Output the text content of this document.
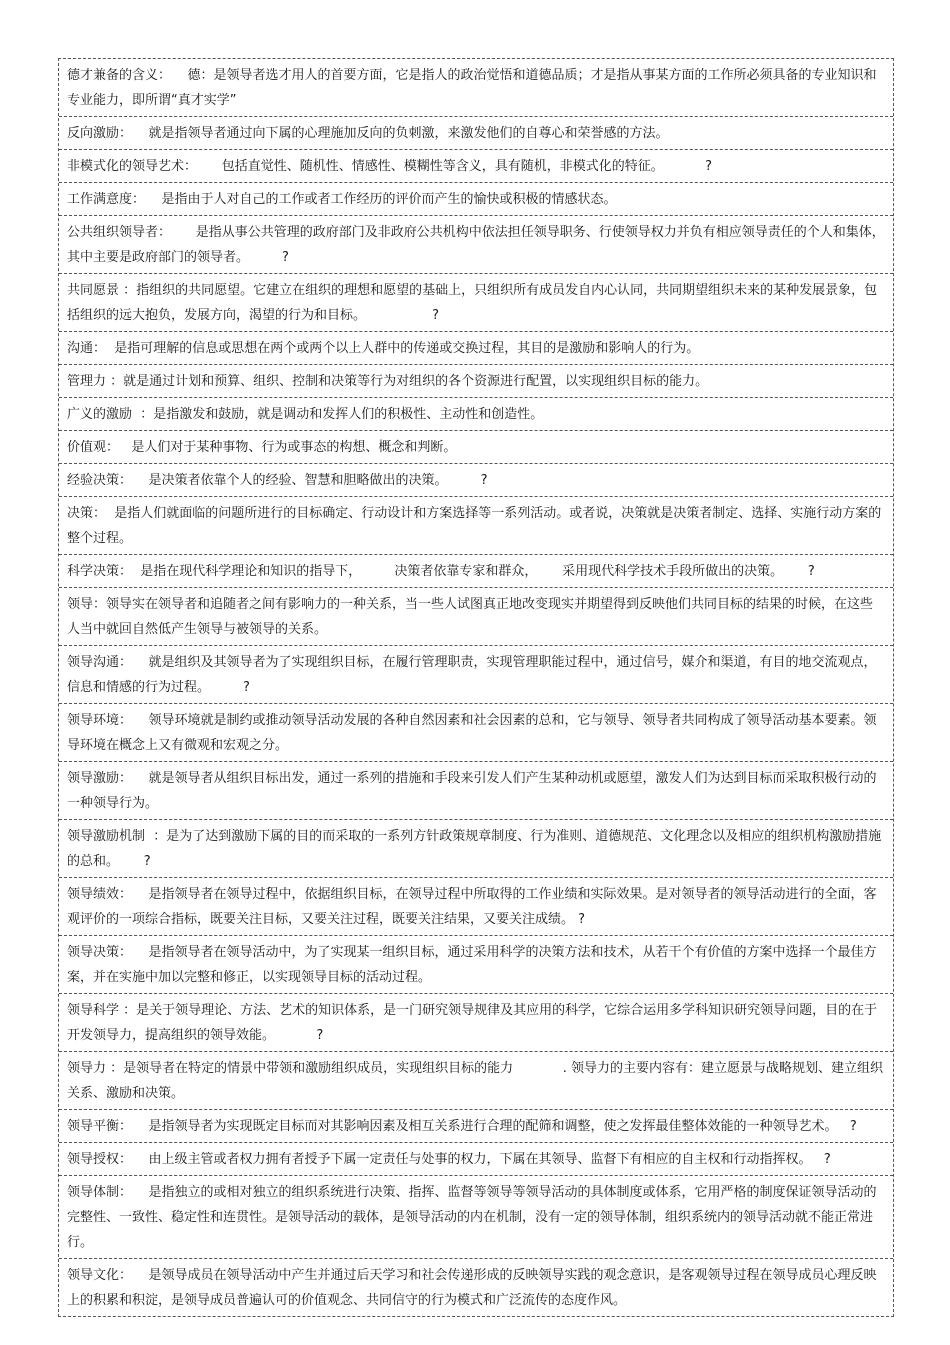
德才兼备的含义：    德：是领导者选才用人的首要方面，它是指人的政治觉悟和道德品质；才是指从事某方面的工作所必须具备的专业知识和专业能力，即所谓“真才实学”
反向激励：    就是指领导者通过向下属的心理施加反向的负刺激，来激发他们的自尊心和荣誉感的方法。
非模式化的领导艺术：      包括直觉性、随机性、情感性、模糊性等含义，具有随机，非模式化的特征。          ?
工作满意度：    是指由于人对自己的工作或者工作经历的评价而产生的愉快或积极的情感状态。
公共组织领导者：      是指从事公共管理的政府部门及非政府公共机构中依法担任领导职务、行使领导权力并负有相应领导责任的个人和集体，其中主要是政府部门的领导者。        ?
共同愿景 ：指组织的共同愿望。它建立在组织的理想和愿望的基础上，只组织所有成员发自内心认同，共同期望组织未来的某种发展景象，包括组织的远大抱负，发展方向，渴望的行为和目标。                ?
沟通：  是指可理解的信息或思想在两个或两个以上人群中的传递或交换过程，其目的是激励和影响人的行为。
管理力 ：就是通过计划和预算、组织、控制和决策等行为对组织的各个资源进行配置，以实现组织目标的能力。
广义的激励  ：是指激发和鼓励，就是调动和发挥人们的积极性、主动性和创造性。
价值观：   是人们对于某种事物、行为或事态的构想、概念和判断。
经验决策：    是决策者依靠个人的经验、智慧和胆略做出的决策。        ?
决策：  是指人们就面临的问题所进行的目标确定、行动设计和方案选择等一系列活动。或者说，决策就是决策者制定、选择、实施行动方案的整个过程。
科学决策：  是指在现代科学理论和知识的指导下，        决策者依靠专家和群众，      采用现代科学技术手段所做出的决策。      ?
领导：领导实在领导者和追随者之间有影响力的一种关系，当一些人试图真正地改变现实并期望得到反映他们共同目标的结果的时候，在这些人当中就回自然低产生领导与被领导的关系。
领导沟通：    就是组织及其领导者为了实现组织目标，在履行管理职责，实现管理职能过程中，通过信号，媒介和渠道，有目的地交流观点，信息和情感的行为过程。        ?
领导环境：    领导环境就是制约或推动领导活动发展的各种自然因素和社会因素的总和，它与领导、领导者共同构成了领导活动基本要素。领导环境在概念上又有微观和宏观之分。
领导激励：    就是领导者从组织目标出发，通过一系列的措施和手段来引发人们产生某种动机或愿望，激发人们为达到目标而采取积极行动的一种领导行为。
领导激励机制  ：是为了达到激励下属的目的而采取的一系列方针政策规章制度、行为准则、道德规范、文化理念以及相应的组织机构激励措施的总和。      ?
领导绩效：    是指领导者在领导过程中，依据组织目标，在领导过程中所取得的工作业绩和实际效果。是对领导者的领导活动进行的全面，客观评价的一项综合指标，既要关注目标，又要关注过程，既要关注结果，又要关注成绩。 ?
领导决策：    是指领导者在领导活动中，为了实现某一组织目标，通过采用科学的决策方法和技术，从若干个有价值的方案中选择一个最佳方案，并在实施中加以完整和修正，以实现领导目标的活动过程。
领导科学 ：是关于领导理论、方法、艺术的知识体系，是一门研究领导规律及其应用的科学，它综合运用多学科知识研究领导问题，目的在于开发领导力，提高组织的领导效能。          ?
领导力 ：是领导者在特定的情景中带领和激励组织成员，实现组织目标的能力            . 领导力的主要内容有：建立愿景与战略规划、建立组织关系、激励和决策。
领导平衡：    是指领导者为实现既定目标而对其影响因素及相互关系进行合理的配筛和调整，使之发挥最佳整体效能的一种领导艺术。   ?
领导授权：    由上级主管或者权力拥有者授予下属一定责任与处事的权力，下属在其领导、监督下有相应的自主权和行动指挥权。   ?
领导体制：    是指独立的或相对独立的组织系统进行决策、指挥、监督等领导等领导活动的具体制度或体系，它用严格的制度保证领导活动的完整性、一致性、稳定性和连贯性。是领导活动的载体，是领导活动的内在机制，没有一定的领导体制，组织系统内的领导活动就不能正常进行。
领导文化：    是领导成员在领导活动中产生并通过后天学习和社会传递形成的反映领导实践的观念意识，是客观领导过程在领导成员心理反映上的积累和积淀，是领导成员普遍认可的价值观念、共同信守的行为模式和广泛流传的态度作风。
